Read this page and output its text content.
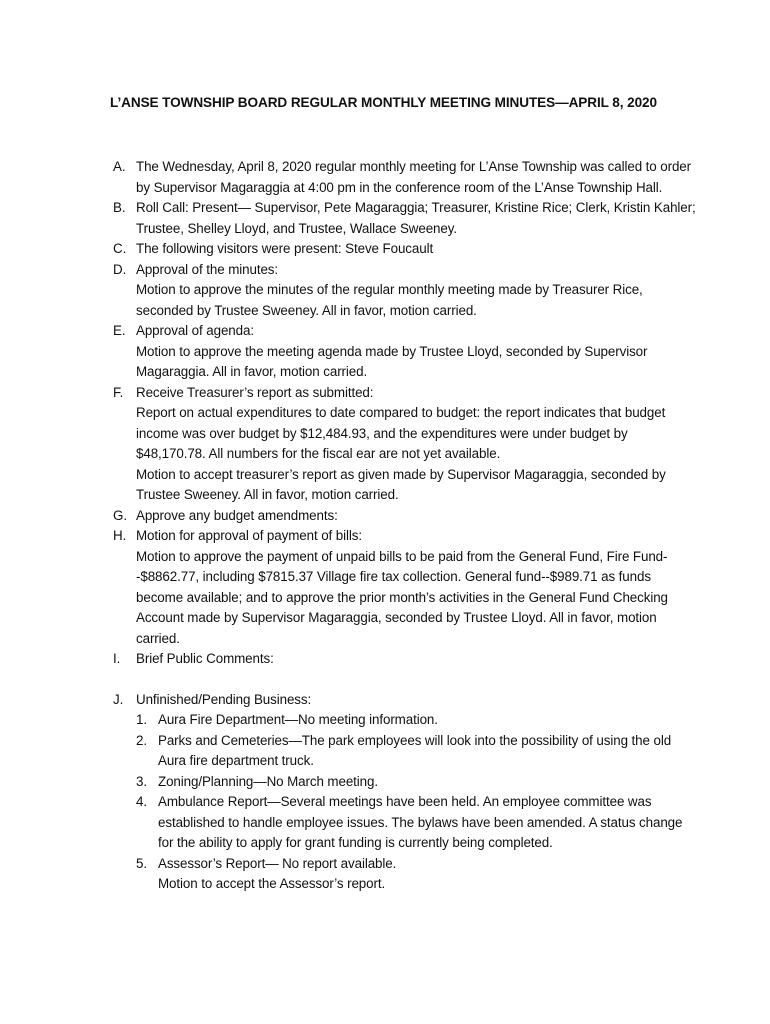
L’ANSE TOWNSHIP BOARD REGULAR MONTHLY MEETING MINUTES—APRIL 8, 2020
A. The Wednesday, April 8, 2020 regular monthly meeting for L’Anse Township was called to order by Supervisor Magaraggia at 4:00 pm in the conference room of the L’Anse Township Hall.

B. Roll Call: Present— Supervisor, Pete Magaraggia; Treasurer, Kristine Rice; Clerk, Kristin Kahler; Trustee, Shelley Lloyd, and Trustee, Wallace Sweeney.

C. The following visitors were present: Steve Foucault

D. Approval of the minutes:

Motion to approve the minutes of the regular monthly meeting made by Treasurer Rice, seconded by Trustee Sweeney. All in favor, motion carried.

E. Approval of agenda:

Motion to approve the meeting agenda made by Trustee Lloyd, seconded by Supervisor Magaraggia. All in favor, motion carried.

F. Receive Treasurer’s report as submitted:

Report on actual expenditures to date compared to budget: the report indicates that budget income was over budget by $12,484.93, and the expenditures were under budget by $48,170.78. All numbers for the fiscal ear are not yet available.

Motion to accept treasurer’s report as given made by Supervisor Magaraggia, seconded by Trustee Sweeney. All in favor, motion carried.

G. Approve any budget amendments:

H. Motion for approval of payment of bills:

Motion to approve the payment of unpaid bills to be paid from the General Fund, Fire Fund--$8862.77, including $7815.37 Village fire tax collection. General fund--$989.71 as funds become available; and to approve the prior month’s activities in the General Fund Checking Account made by Supervisor Magaraggia, seconded by Trustee Lloyd. All in favor, motion carried.

I. Brief Public Comments:

J. Unfinished/Pending Business:

1. Aura Fire Department—No meeting information.

2. Parks and Cemeteries—The park employees will look into the possibility of using the old Aura fire department truck.

3. Zoning/Planning—No March meeting.

4. Ambulance Report—Several meetings have been held. An employee committee was established to handle employee issues. The bylaws have been amended. A status change for the ability to apply for grant funding is currently being completed.

5. Assessor’s Report— No report available.

Motion to accept the Assessor’s report.
